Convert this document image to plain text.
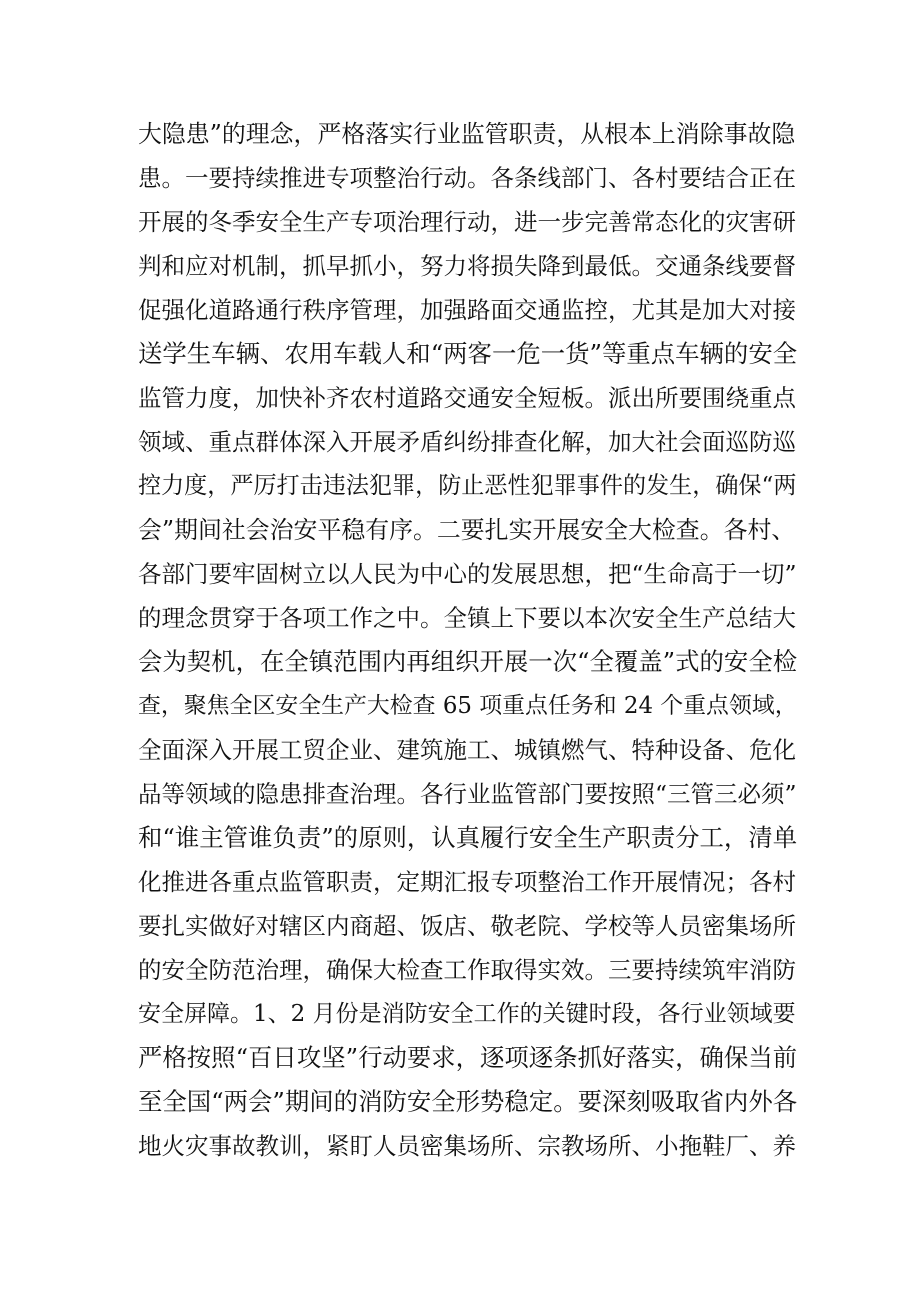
大隐患”的理念，严格落实行业监管职责，从根本上消除事故隐
患。一要持续推进专项整治行动。各条线部门、各村要结合正在
开展的冬季安全生产专项治理行动，进一步完善常态化的灾害研
判和应对机制，抓早抓小，努力将损失降到最低。交通条线要督
促强化道路通行秩序管理，加强路面交通监控，尤其是加大对接
送学生车辆、农用车载人和“两客一危一货”等重点车辆的安全
监管力度，加快补齐农村道路交通安全短板。派出所要围绕重点
领域、重点群体深入开展矛盾纠纷排查化解，加大社会面巡防巡
控力度，严厉打击违法犯罪，防止恶性犯罪事件的发生，确保“两
会”期间社会治安平稳有序。二要扎实开展安全大检查。各村、
各部门要牢固树立以人民为中心的发展思想，把“生命高于一切”
的理念贯穿于各项工作之中。全镇上下要以本次安全生产总结大
会为契机，在全镇范围内再组织开展一次“全覆盖”式的安全检
查，聚焦全区安全生产大检查 65 项重点任务和 24 个重点领域，
全面深入开展工贸企业、建筑施工、城镇燃气、特种设备、危化
品等领域的隐患排查治理。各行业监管部门要按照“三管三必须”
和“谁主管谁负责”的原则，认真履行安全生产职责分工，清单
化推进各重点监管职责，定期汇报专项整治工作开展情况；各村
要扎实做好对辖区内商超、饭店、敬老院、学校等人员密集场所
的安全防范治理，确保大检查工作取得实效。三要持续筑牢消防
安全屏障。1、2 月份是消防安全工作的关键时段，各行业领域要
严格按照“百日攻坚”行动要求，逐项逐条抓好落实，确保当前
至全国“两会”期间的消防安全形势稳定。要深刻吸取省内外各
地火灾事故教训，紧盯人员密集场所、宗教场所、小拖鞋厂、养
